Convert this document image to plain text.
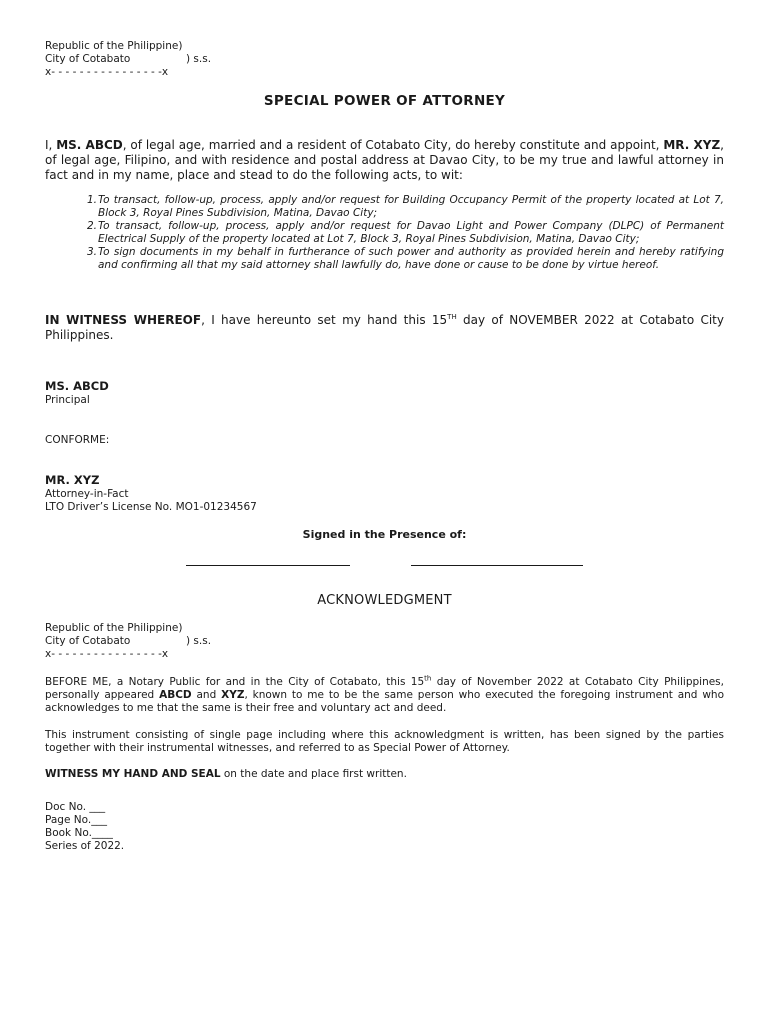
Republic of the Philippine)
City of Cotabato	) s.s.
x- - - - - - - - - - - - - - - -x
SPECIAL POWER OF ATTORNEY
I, MS. ABCD, of legal age, married and a resident of Cotabato City, do hereby constitute and appoint, MR. XYZ, of legal age, Filipino, and with residence and postal address at Davao City, to be my true and lawful attorney in fact and in my name, place and stead to do the following acts, to wit:
1. To transact, follow-up, process, apply and/or request for Building Occupancy Permit of the property located at Lot 7, Block 3, Royal Pines Subdivision, Matina, Davao City;
2. To transact, follow-up, process, apply and/or request for Davao Light and Power Company (DLPC) of Permanent Electrical Supply of the property located at Lot 7, Block 3, Royal Pines Subdivision, Matina, Davao City;
3. To sign documents in my behalf in furtherance of such power and authority as provided herein and hereby ratifying and confirming all that my said attorney shall lawfully do, have done or cause to be done by virtue hereof.
IN WITNESS WHEREOF, I have hereunto set my hand this 15TH day of NOVEMBER 2022 at Cotabato City Philippines.
MS. ABCD
Principal
CONFORME:
MR. XYZ
Attorney-in-Fact
LTO Driver’s License No. MO1-01234567
Signed in the Presence of:
ACKNOWLEDGMENT
Republic of the Philippine)
City of Cotabato	) s.s.
x- - - - - - - - - - - - - - - -x
BEFORE ME, a Notary Public for and in the City of Cotabato, this 15th day of November 2022 at Cotabato City Philippines, personally appeared ABCD and XYZ, known to me to be the same person who executed the foregoing instrument and who acknowledges to me that the same is their free and voluntary act and deed.
This instrument consisting of single page including where this acknowledgment is written, has been signed by the parties together with their instrumental witnesses, and referred to as Special Power of Attorney.
WITNESS MY HAND AND SEAL on the date and place first written.
Doc No. ___
Page No.___
Book No.____
Series of 2022.
